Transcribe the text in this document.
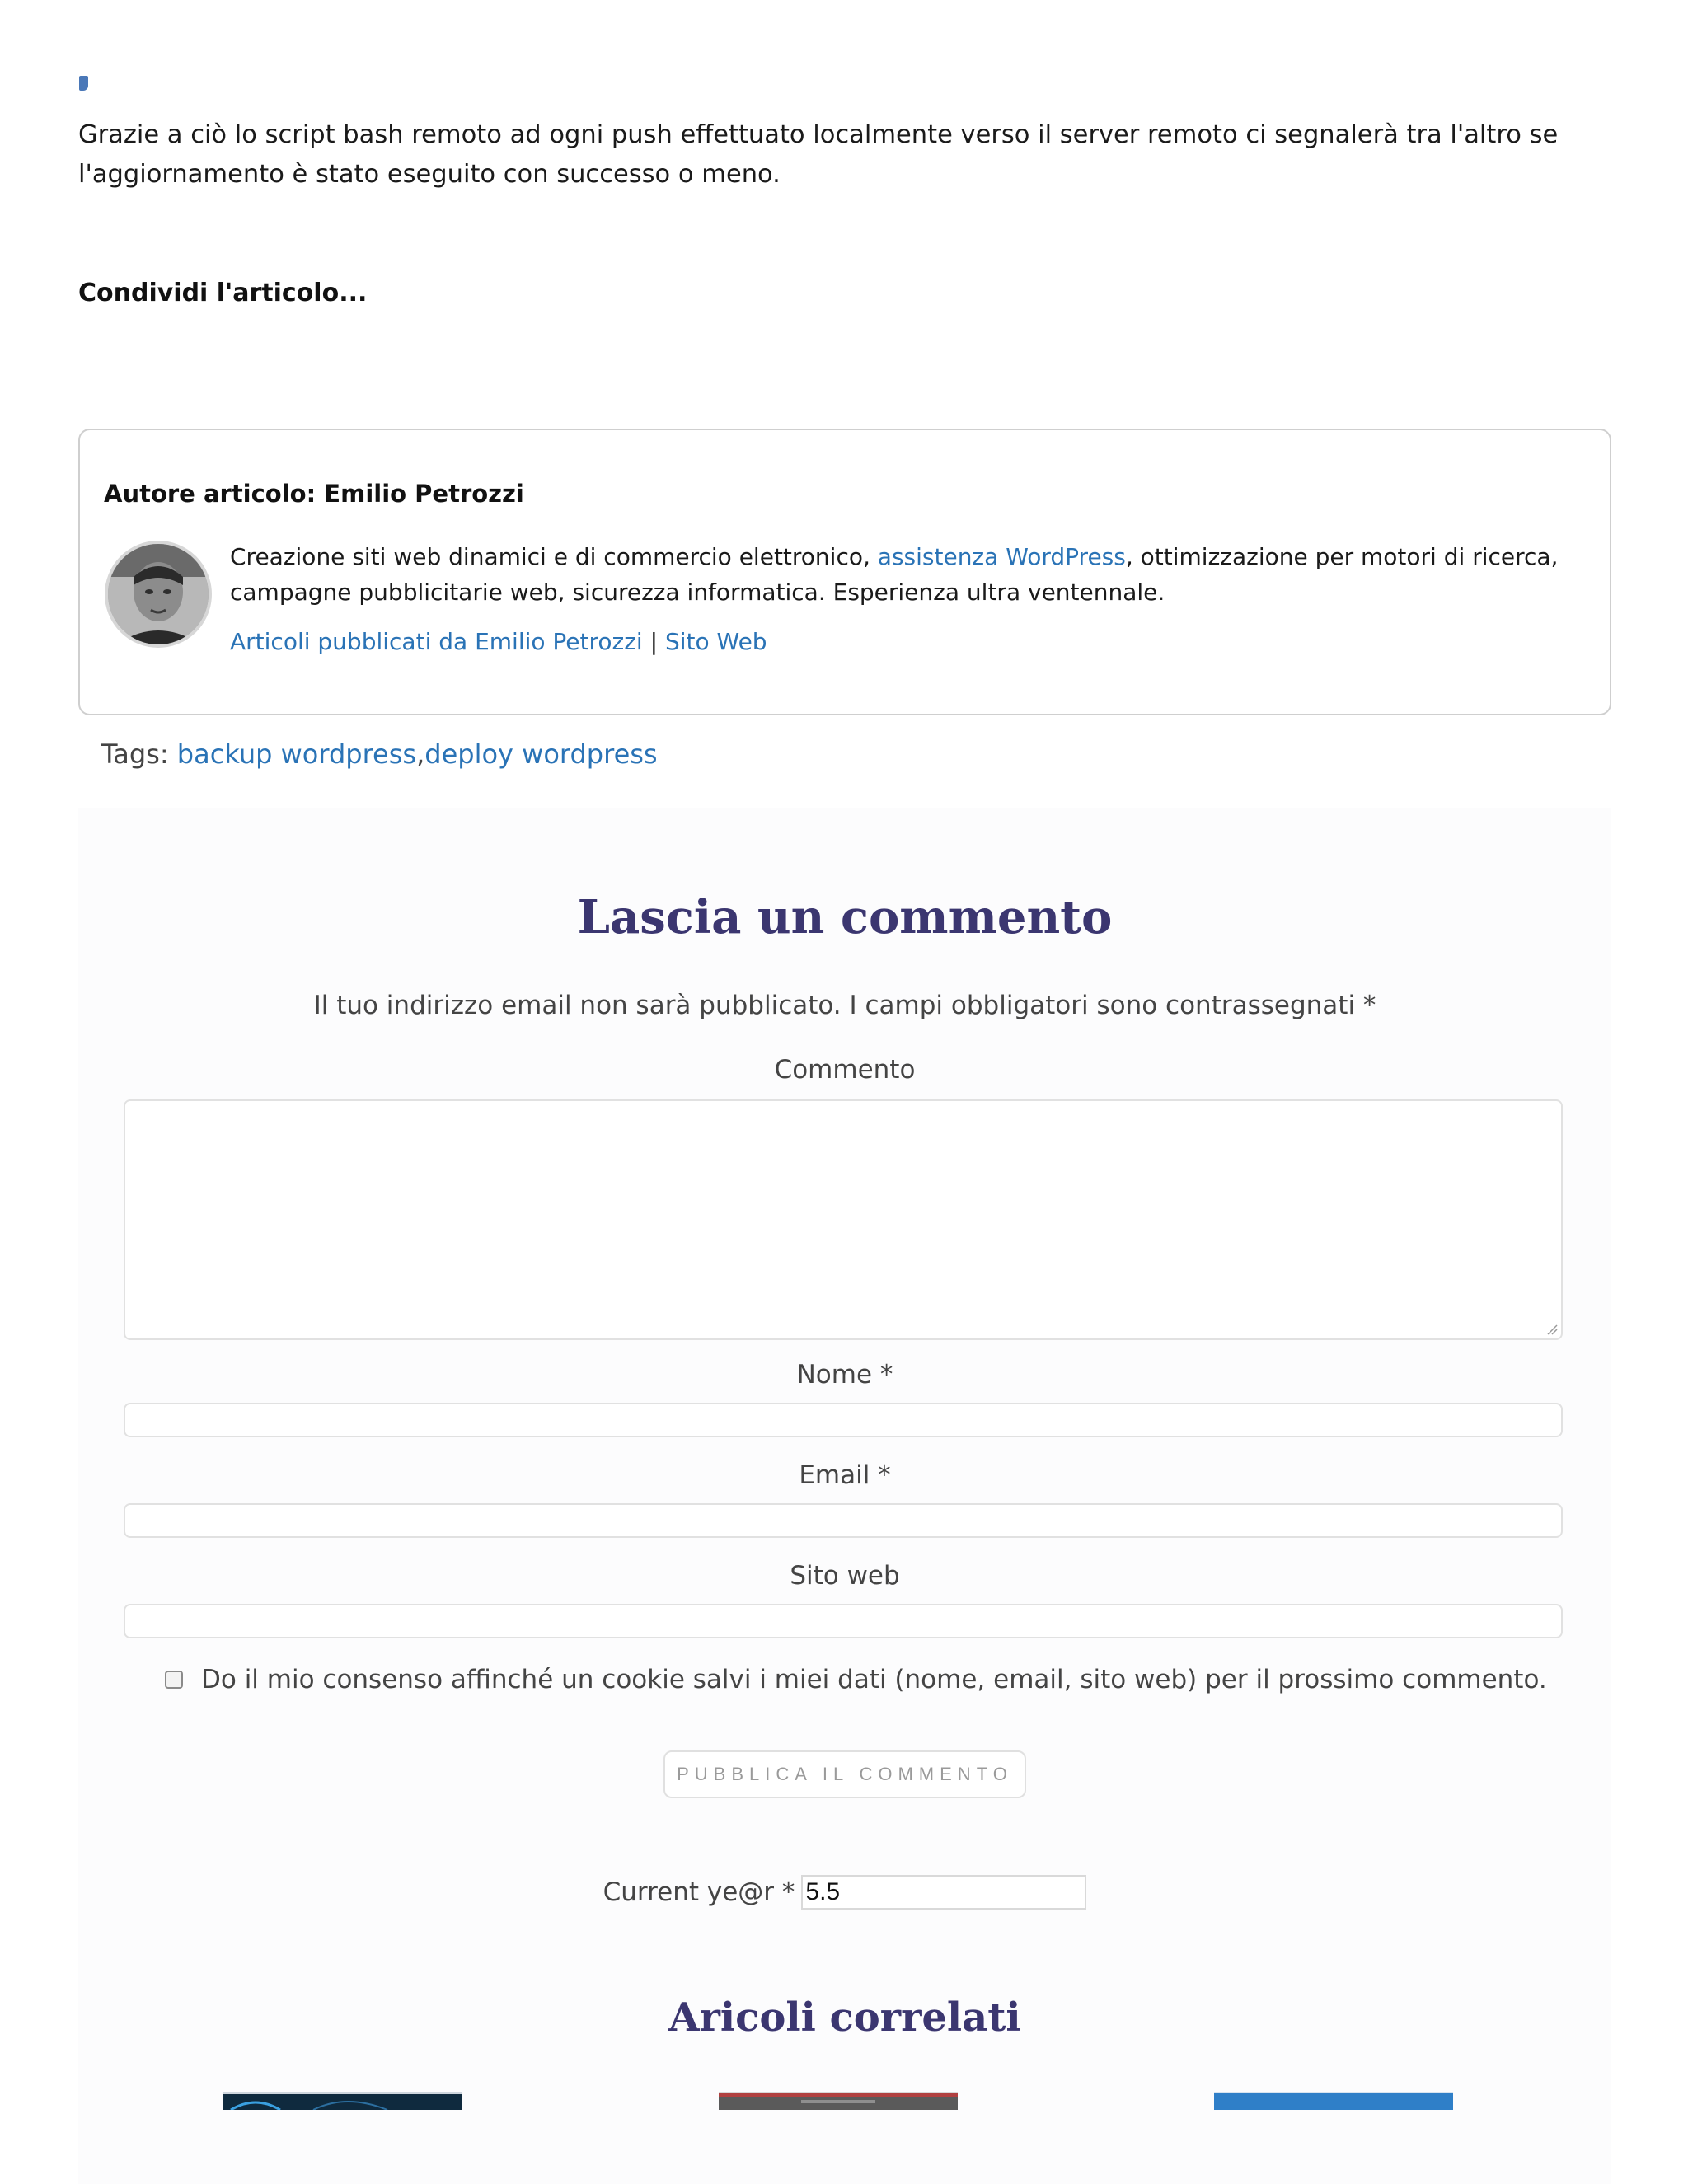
Grazie a ciò lo script bash remoto ad ogni push effettuato localmente verso il server remoto ci segnalerà tra l'altro se l'aggiornamento è stato eseguito con successo o meno.

Condividi l'articolo...
Autore articolo: Emilio Petrozzi

Creazione siti web dinamici e di commercio elettronico, assistenza WordPress, ottimizzazione per motori di ricerca, campagne pubblicitarie web, sicurezza informatica. Esperienza ultra ventennale.

Articoli pubblicati da Emilio Petrozzi | Sito Web

Tags: backup wordpress,deploy wordpress
Lascia un commento

Il tuo indirizzo email non sarà pubblicato. I campi obbligatori sono contrassegnati *

Commento
Nome *
Email *
Sito web
Do il mio consenso affinché un cookie salvi i miei dati (nome, email, sito web) per il prossimo commento.
PUBBLICA IL COMMENTO
Current ye@r * 5.5
Aricoli correlati
